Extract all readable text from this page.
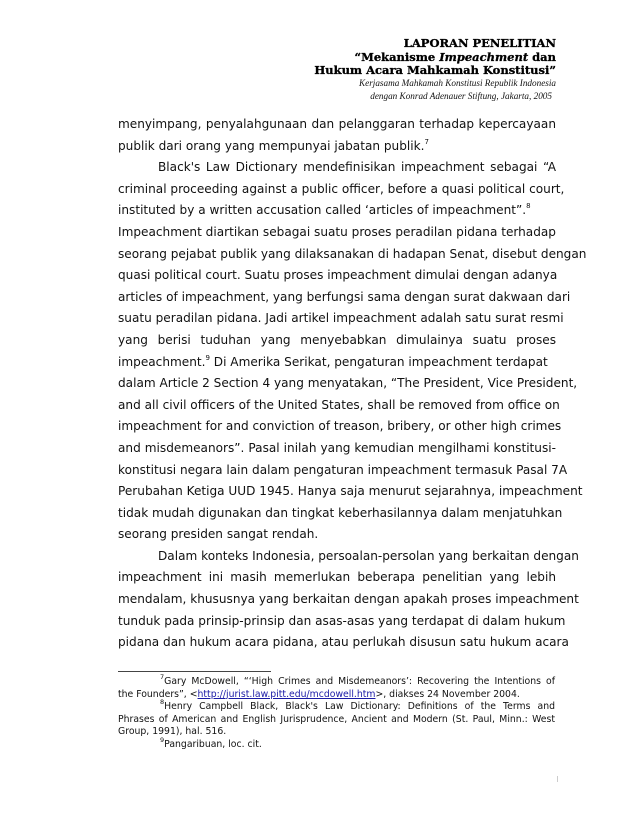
LAPORAN PENELITIAN
“Mekanisme Impeachment dan
Hukum Acara Mahkamah Konstitusi”
Kerjasama Mahkamah Konstitusi Republik Indonesia
dengan Konrad Adenauer Stiftung, Jakarta, 2005
menyimpang, penyalahgunaan dan pelanggaran terhadap kepercayaan
publik dari orang yang mempunyai jabatan publik.$^7$
Black's Law Dictionary mendefinisikan impeachment sebagai “A
criminal proceeding against a public officer, before a quasi political court,
instituted by a written accusation called ‘articles of impeachment”.$^8$
Impeachment diartikan sebagai suatu proses peradilan pidana terhadap
seorang pejabat publik yang dilaksanakan di hadapan Senat, disebut dengan
quasi political court. Suatu proses impeachment dimulai dengan adanya
articles of impeachment, yang berfungsi sama dengan surat dakwaan dari
suatu peradilan pidana. Jadi artikel impeachment adalah satu surat resmi
yang berisi tuduhan yang menyebabkan dimulainya suatu proses
impeachment.$^9$ Di Amerika Serikat, pengaturan impeachment terdapat
dalam Article 2 Section 4 yang menyatakan, “The President, Vice President,
and all civil officers of the United States, shall be removed from office on
impeachment for and conviction of treason, bribery, or other high crimes
and misdemeanors”. Pasal inilah yang kemudian mengilhami konstitusi-
konstitusi negara lain dalam pengaturan impeachment termasuk Pasal 7A
Perubahan Ketiga UUD 1945. Hanya saja menurut sejarahnya, impeachment
tidak mudah digunakan dan tingkat keberhasilannya dalam menjatuhkan
seorang presiden sangat rendah.
Dalam konteks Indonesia, persoalan-persolan yang berkaitan dengan
impeachment ini masih memerlukan beberapa penelitian yang lebih
mendalam, khususnya yang berkaitan dengan apakah proses impeachment
tunduk pada prinsip-prinsip dan asas-asas yang terdapat di dalam hukum
pidana dan hukum acara pidana, atau perlukah disusun satu hukum acara
$^7$Gary McDowell, “‘High Crimes and Misdemeanors’: Recovering the Intentions of
the Founders”, <http://jurist.law.pitt.edu/mcdowell.htm>, diakses 24 November 2004.
$^8$Henry Campbell Black, Black's Law Dictionary: Definitions of the Terms and
Phrases of American and English Jurisprudence, Ancient and Modern (St. Paul, Minn.: West
Group, 1991), hal. 516.
$^9$Pangaribuan, loc. cit.
